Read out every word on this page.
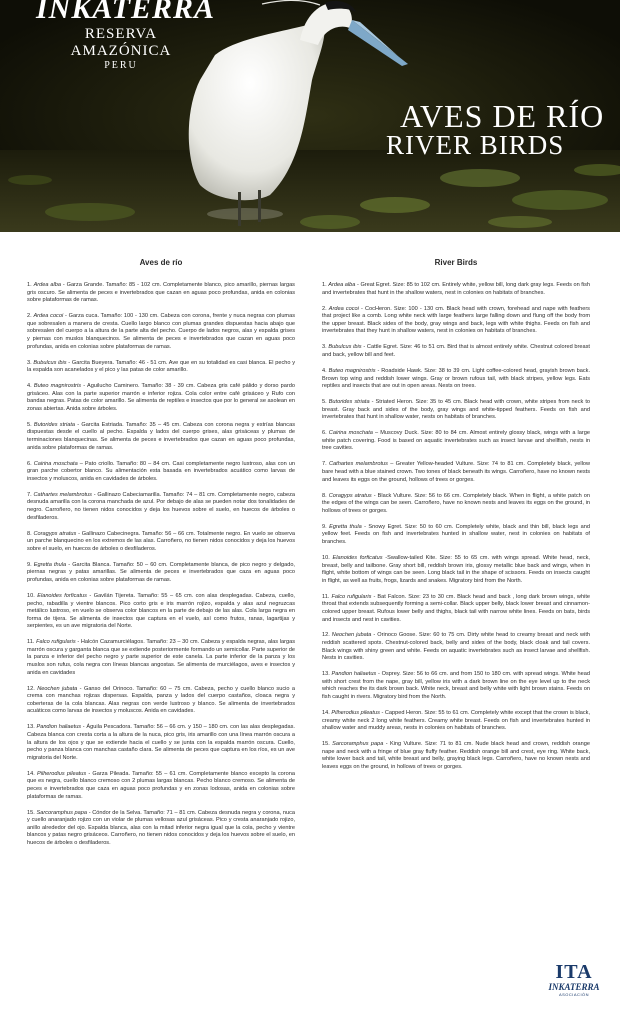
INKATERRA
RESERVA AMAZÓNICA
PERU
AVES DE RÍO
RIVER BIRDS
Aves de río

1. Ardea alba - Garza Grande. Tamaño: 85 - 102 cm. Completamente blanco, pico amarillo, piernas largas gris oscuro. Se alimenta de peces e invertebrados que cazan en aguas poco profundas, anida en colonias sobre plataformas de ramas.

2. Ardea cocoi - Garza cuca. Tamaño: 100 - 130 cm. Cabeza con corona, frente y nuca negras con plumas que sobresalen a manera de cresta. Cuello largo blanco con plumas grandes dispuestas hacia abajo que sobresalen del cuerpo a la altura de la parte alta del pecho. Cuerpo de lados negros, alas y espalda grises y piernas con muslos blanquecinos. Se alimenta de peces e invertebrados que cazan en aguas poco profundas, anida en colonias sobre plataformas de ramas.

3. Bubulcus ibis - Garcita Bueyera. Tamaño: 46 - 51 cm. Ave que en su totalidad es casi blanca. El pecho y la espalda son acanelados y el pico y las patas de color amarillo.

4. Buteo magnirostris - Aguilucho Caminero. Tamaño: 38 - 39 cm. Cabeza gris café pálido y dorso pardo grisáceo. Alas con la parte superior marrón e inferior rojiza. Cola color entre café grisáceo y Rufo con bandas negras. Patas de color amarillo. Se alimenta de reptiles e insectos que por lo general se asolean en zonas abiertas. Anida sobre árboles.

5. Butorides striata - Garcita Estriada. Tamaño: 35 – 45 cm. Cabeza con corona negra y estrías blancas dispuestas desde el cuello al pecho. Espalda y lados del cuerpo grises, alas grisáceas y plumas de terminaciones blanquecinas. Se alimenta de peces e invertebrados que cazan en aguas poco profundas, anida sobre plataformas de ramas.

6. Cairina moschata – Pato criollo. Tamaño: 80 – 84 cm. Casi completamente negro lustroso, alas con un gran parche cobertor blanco. Su alimentación esta basada en invertebrados acuático como larvas de insectos y moluscos, anida en cavidades de árboles.

7. Cathartes melambrotus - Gallinazo Cabeciamarilla. Tamaño: 74 – 81 cm. Completamente negro, cabeza desnuda amarilla con la corona manchada de azul. Por debajo de alas se pueden notar dos tonalidades de negro. Carroñero, no tienen nidos conocidos y deja los huevos sobre el suelo, en huecos de árboles o desfiladeros.

8. Coragyps atratus - Gallinazo Cabecinegra. Tamaño: 56 – 66 cm. Totalmente negro. En vuelo se observa un parche blanquecino en los extremos de las alas. Carroñero, no tienen nidos conocidos y deja los huevos sobre el suelo, en huecos de árboles o desfiladeros.

9. Egretta thula - Garcita Blanca. Tamaño: 50 – 60 cm. Completamente blanca, de pico negro y delgado, piernas negras y patas amarillas. Se alimenta de peces e invertebrados que caza en aguas poco profundas, anida en colonias sobre plataformas de ramas.

10. Elanoides forficatus - Gavilán Tijereta. Tamaño: 55 – 65 cm. con alas desplegadas. Cabeza, cuello, pecho, rabadilla y vientre blancos. Pico corto gris e iris marrón rojizo, espalda y alas azul negruzcas metálico lustroso, en vuelo se observa color blancos en la parte de debajo de las alas. Cola larga negra en forma de tijera. Se alimenta de insectos que captura en el vuelo, así como frutos, ranas, lagartijas y serpientes, es un ave migratoria del Norte.

11. Falco rufigularis - Halcón Cazamurciélagos. Tamaño: 23 – 30 cm. Cabeza y espalda negras, alas largas marrón oscura y garganta blanca que se extiende posteriormente formando un semicollar. Parte superior de la panza e inferior del pecho negro y parte superior de este canela. La parte inferior de la panza y los muslos son rufus, cola negra con líneas blancas angostas. Se alimenta de murciélagos, aves e insectos y anida en cavidades

12. Neochen jubata - Ganso del Orinoco. Tamaño: 60 – 75 cm. Cabeza, pecho y cuello blanco sucio a crema con manchas rojizas dispersas. Espalda, panza y lados del cuerpo castaños, cloaca negra y coberteras de la cola blancas. Alas negras con verde lustroso y blanco. Se alimenta de invertebrados acuáticos como larvas de insectos y moluscos. Anida en cavidades.

13. Pandion haliaetus - Águila Pescadora. Tamaño: 56 – 66 cm. y 150 – 180 cm. con las alas desplegadas. Cabeza blanca con cresta corta a la altura de la nuca, pico gris, iris amarillo con una línea marrón oscura a la altura de los ojos y que se extiende hacia el cuello y se junta con la espalda marrón oscura. Cuello, pecho y panza blanca con manchas castaño clara. Se alimenta de peces que captura en los ríos, es un ave migratoria del Norte.

14. Pilherodius pileatus - Garza Pileada. Tamaño: 55 – 61 cm. Completamente blanco excepto la corona que es negra, cuello blanco cremoso con 2 plumas largas blancas. Pecho blanco cremoso. Se alimenta de peces e invertebrados que caza en aguas poco profundas y en zonas lodosas, anida en colonias sobre plataformas de ramas.

15. Sarcoramphus papa - Cóndor de la Selva. Tamaño: 71 – 81 cm. Cabeza desnuda negra y corona, nuca y cuello anaranjado rojizo con un violar de plumas vellosas azul grisáceas. Pico y cresta anaranjado rojizo, anillo alrededor del ojo. Espalda blanca, alas con la mitad inferior negra igual que la cola, pecho y vientre blancos y patas negro grisáceos. Carroñero, no tienen nidos conocidos y deja los huevos sobre el suelo, en huecos de árboles o desfiladeros.

River Birds

1. Ardea alba - Great Egret. Size: 85 to 102 cm. Entirely white, yellow bill, long dark gray legs. Feeds on fish and invertebrates that hunt in the shallow waters, nest in colonies on habitats of branches.

2. Ardea cocoi - CocHeron. Size: 100 - 130 cm. Black head with crown, forehead and nape with feathers that project like a comb. Long white neck with large feathers large falling down and flung off the body from the upper breast. Black sides of the body, gray wings and back, legs with white thighs. Feeds on fish and invertebrates that they hunt in shallow waters, nest in colonies on habitats of branches.

3. Bubulcus ibis - Cattle Egret. Size: 46 to 51 cm. Bird that is almost entirely white. Chestnut colored breast and back, yellow bill and feet.

4. Buteo magnirostris - Roadside Hawk. Size: 38 to 39 cm. Light coffee-colored head, grayish brown back. Brown top wing and reddish lower wings. Gray or brown rufous tail, with black stripes, yellow legs. Eats reptiles and insects that are out in open areas. Nests on trees.

5. Butorides striata - Striated Heron. Size: 35 to 45 cm. Black head with crown, white stripes from neck to breast. Gray back and sides of the body, gray wings and white-tipped feathers. Feeds on fish and invertebrates that hunt in shallow water, nests on habitats of branches.

6. Cairina moschata – Muscovy Duck. Size: 80 to 84 cm. Almost entirely glossy black, wings with a large white patch covering. Food is based on aquatic invertebrates such as insect larvae and shellfish, nests in tree cavities.

7. Cathartes melambrotus – Greater Yellow-headed Vulture. Size: 74 to 81 cm. Completely black, yellow bare head with a blue stained crown. Two tones of black beneath its wings. Carroñero, have no known nests and leaves its eggs on the ground, hollows of trees or gorges.

8. Coragyps atratus - Black Vulture. Size: 56 to 66 cm. Completely black. When in flight, a white patch on the edges of the wings can be seen. Carroñero, have no known nests and leaves its eggs on the ground, in hollows of trees or gorges.

9. Egretta thula - Snowy Egret. Size: 50 to 60 cm. Completely white, black and thin bill, black legs and yellow feet. Feeds on fish and invertebrates hunted in shallow water, nest in colonies on habitats of branches.

10. Elanoides forficatus -Swallow-tailed Kite. Size: 55 to 65 cm. with wings spread. White head, neck, breast, belly and tailbone. Gray short bill, reddish brown iris, glossy metallic blue back and wings, when in flight, white bottom of wings can be seen. Long black tail in the shape of scissors. Feeds on insects caught in flight, as well as fruits, frogs, lizards and snakes. Migratory bird from the North.

11. Falco rufigularis - Bat Falcon. Size: 23 to 30 cm. Black head and back , long dark brown wings, white throat that extends subsequently forming a semi-collar. Black upper belly, black lower breast and cinnamon-colored upper breast. Rufous lower belly and thighs, black tail with narrow white lines. Feeds on bats, birds and insects and nest in cavities.

12. Neochen jubata - Orinoco Goose. Size: 60 to 75 cm. Dirty white head to creamy breast and neck with reddish scattered spots. Chestnut-colored back, belly and sides of the body, black cloak and tail covers. Black wings with shiny green and white. Feeds on aquatic invertebrates such as insect larvae and shellfish. Nests in cavities.

13. Pandion haliaetus - Osprey. Size: 56 to 66 cm. and from 150 to 180 cm. with spread wings. White head with short crest from the nape, gray bill, yellow iris with a dark brown line on the eye level up to the neck which reaches the its dark brown back. White neck, breast and belly white with light brown stains. Feeds on fish caught in rivers. Migratory bird from the North.

14. Pilherodius pileatus - Capped Heron. Size: 55 to 61 cm. Completely white except that the crown is black, creamy white neck 2 long white feathers. Creamy white breast. Feeds on fish and invertebrates hunted in shallow water and muddy areas, nests in colonies on habitats of branches.

15. Sarcoramphus papa - King Vulture. Size: 71 to 81 cm. Nude black head and crown, reddish orange nape and neck with a fringe of blue gray fluffy feather. Reddish orange bill and crest, eye ring. White back, white lower back and tail, white breast and belly, graying black legs. Carroñero, have no known nests and leaves eggs on the ground, in hollows of trees or gorges.

ITA
INKATERRA
ASOCIACIÓN
